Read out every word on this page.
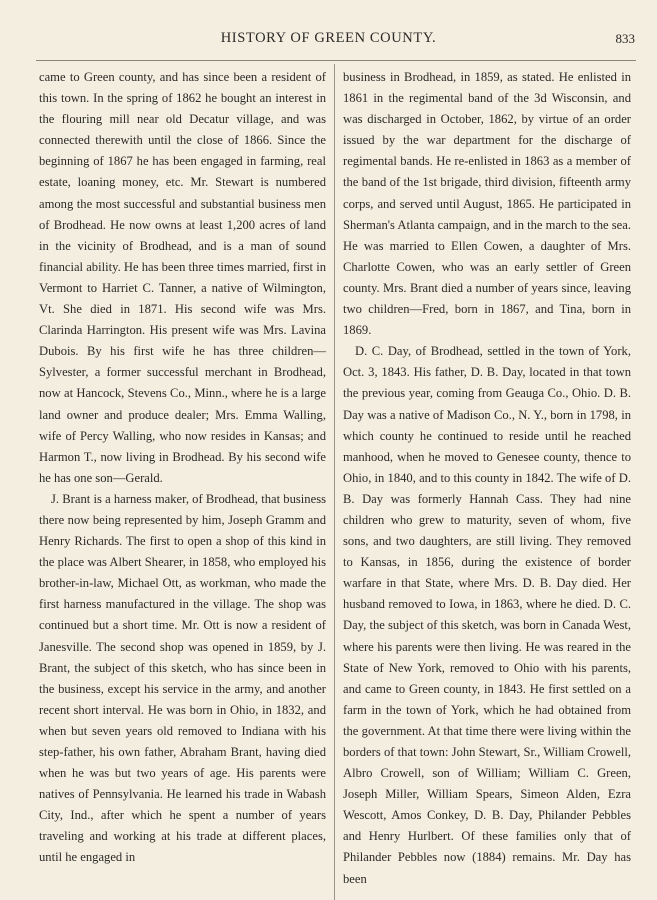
HISTORY OF GREEN COUNTY.	833

came to Green county, and has since been a resident of this town. In the spring of 1862 he bought an interest in the flouring mill near old Decatur village, and was connected therewith until the close of 1866. Since the beginning of 1867 he has been engaged in farming, real estate, loaning money, etc. Mr. Stewart is numbered among the most successful and substantial business men of Brodhead. He now owns at least 1,200 acres of land in the vicinity of Brodhead, and is a man of sound financial ability. He has been three times married, first in Vermont to Harriet C. Tanner, a native of Wilmington, Vt. She died in 1871. His second wife was Mrs. Clarinda Harrington. His present wife was Mrs. Lavina Dubois. By his first wife he has three children—Sylvester, a former successful merchant in Brodhead, now at Hancock, Stevens Co., Minn., where he is a large land owner and produce dealer; Mrs. Emma Walling, wife of Percy Walling, who now resides in Kansas; and Harmon T., now living in Brodhead. By his second wife he has one son—Gerald.

J. Brant is a harness maker, of Brodhead, that business there now being represented by him, Joseph Gramm and Henry Richards. The first to open a shop of this kind in the place was Albert Shearer, in 1858, who employed his brother-in-law, Michael Ott, as workman, who made the first harness manufactured in the village. The shop was continued but a short time. Mr. Ott is now a resident of Janesville. The second shop was opened in 1859, by J. Brant, the subject of this sketch, who has since been in the business, except his service in the army, and another recent short interval. He was born in Ohio, in 1832, and when but seven years old removed to Indiana with his step-father, his own father, Abraham Brant, having died when he was but two years of age. His parents were natives of Pennsylvania. He learned his trade in Wabash City, Ind., after which he spent a number of years traveling and working at his trade at different places, until he engaged in

business in Brodhead, in 1859, as stated. He enlisted in 1861 in the regimental band of the 3d Wisconsin, and was discharged in October, 1862, by virtue of an order issued by the war department for the discharge of regimental bands. He re-enlisted in 1863 as a member of the band of the 1st brigade, third division, fifteenth army corps, and served until August, 1865. He participated in Sherman's Atlanta campaign, and in the march to the sea. He was married to Ellen Cowen, a daughter of Mrs. Charlotte Cowen, who was an early settler of Green county. Mrs. Brant died a number of years since, leaving two children—Fred, born in 1867, and Tina, born in 1869.

D. C. Day, of Brodhead, settled in the town of York, Oct. 3, 1843. His father, D. B. Day, located in that town the previous year, coming from Geauga Co., Ohio. D. B. Day was a native of Madison Co., N. Y., born in 1798, in which county he continued to reside until he reached manhood, when he moved to Genesee county, thence to Ohio, in 1840, and to this county in 1842. The wife of D. B. Day was formerly Hannah Cass. They had nine children who grew to maturity, seven of whom, five sons, and two daughters, are still living. They removed to Kansas, in 1856, during the existence of border warfare in that State, where Mrs. D. B. Day died. Her husband removed to Iowa, in 1863, where he died. D. C. Day, the subject of this sketch, was born in Canada West, where his parents were then living. He was reared in the State of New York, removed to Ohio with his parents, and came to Green county, in 1843. He first settled on a farm in the town of York, which he had obtained from the government. At that time there were living within the borders of that town: John Stewart, Sr., William Crowell, Albro Crowell, son of William; William C. Green, Joseph Miller, William Spears, Simeon Alden, Ezra Wescott, Amos Conkey, D. B. Day, Philander Pebbles and Henry Hurlbert. Of these families only that of Philander Pebbles now (1884) remains. Mr. Day has been
